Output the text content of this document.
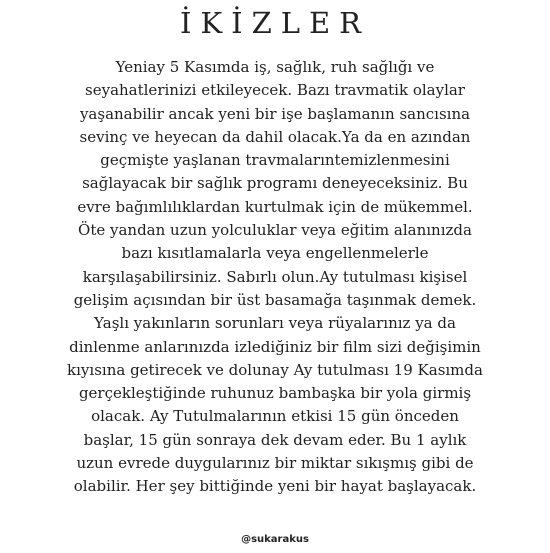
İKİZLER
Yeniay 5 Kasımda iş, sağlık, ruh sağlığı ve
seyahatlerinizi etkileyecek. Bazı travmatik olaylar
yaşanabilir ancak yeni bir işe başlamanın sancısına
sevinç ve heyecan da dahil olacak.Ya da en azından
geçmişte yaşlanan travmalarıntemizlenmesini
sağlayacak bir sağlık programı deneyeceksiniz. Bu
evre bağımlılıklardan kurtulmak için de mükemmel.
Öte yandan uzun yolculuklar veya eğitim alanınızda
bazı kısıtlamalarla veya engellenmelerle
karşılaşabilirsiniz. Sabırlı olun.Ay tutulması kişisel
gelişim açısından bir üst basamağa taşınmak demek.
Yaşlı yakınların sorunları veya rüyalarınız ya da
dinlenme anlarınızda izlediğiniz bir film sizi değişimin
kıyısına getirecek ve dolunay Ay tutulması 19 Kasımda
gerçekleştiğinde ruhunuz bambaşka bir yola girmiş
olacak. Ay Tutulmalarının etkisi 15 gün önceden
başlar, 15 gün sonraya dek devam eder. Bu 1 aylık
uzun evrede duygularınız bir miktar sıkışmış gibi de
olabilir. Her şey bittiğinde yeni bir hayat başlayacak.
@sukarakus
